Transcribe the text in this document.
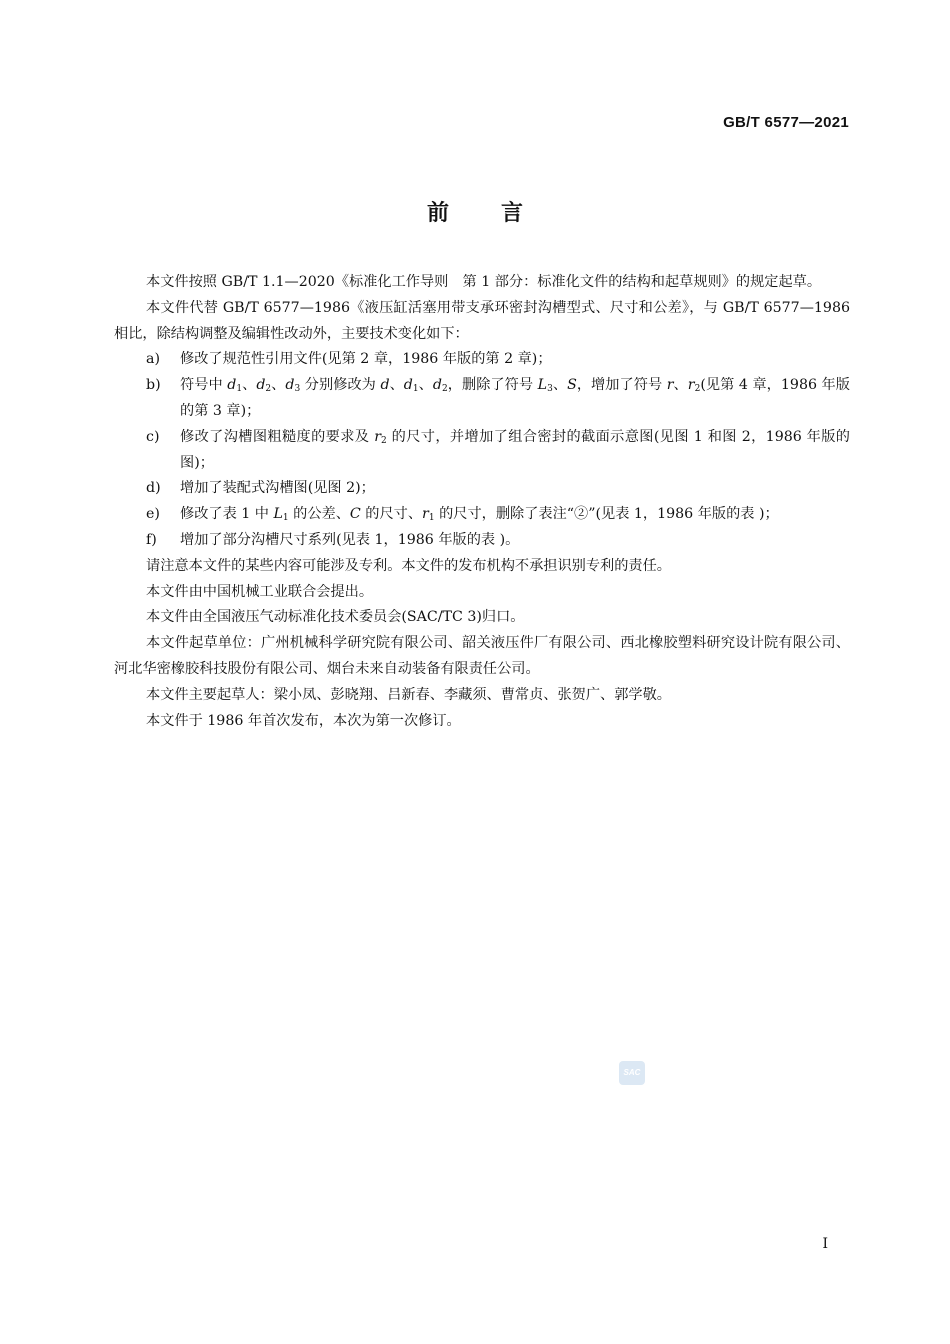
GB/T 6577—2021
前 言

本文件按照 GB/T 1.1—2020《标准化工作导则　第 1 部分：标准化文件的结构和起草规则》的规定起草。

本文件代替 GB/T 6577—1986《液压缸活塞用带支承环密封沟槽型式、尺寸和公差》，与 GB/T 6577—1986 相比，除结构调整及编辑性改动外，主要技术变化如下：

a) 修改了规范性引用文件(见第 2 章，1986 年版的第 2 章)；
b) 符号中 $d_1$、$d_2$、$d_3$ 分别修改为 d、$d_1$、$d_2$，删除了符号 $L_3$、S，增加了符号 r、$r_2$(见第 4 章，1986 年版的第 3 章)；
c) 修改了沟槽图粗糙度的要求及 $r_2$ 的尺寸，并增加了组合密封的截面示意图(见图 1 和图 2，1986 年版的图)；
d) 增加了装配式沟槽图(见图 2)；
e) 修改了表 1 中 $L_1$ 的公差、C 的尺寸、$r_1$ 的尺寸，删除了表注“②”(见表 1，1986 年版的表 )；
f) 增加了部分沟槽尺寸系列(见表 1，1986 年版的表 )。

请注意本文件的某些内容可能涉及专利。本文件的发布机构不承担识别专利的责任。

本文件由中国机械工业联合会提出。

本文件由全国液压气动标准化技术委员会(SAC/TC 3)归口。

本文件起草单位：广州机械科学研究院有限公司、韶关液压件厂有限公司、西北橡胶塑料研究设计院有限公司、河北华密橡胶科技股份有限公司、烟台未来自动装备有限责任公司。

本文件主要起草人：梁小凤、彭晓翔、吕新春、李藏须、曹常贞、张贺广、郭学敬。

本文件于 1986 年首次发布，本次为第一次修订。

SAC
I
